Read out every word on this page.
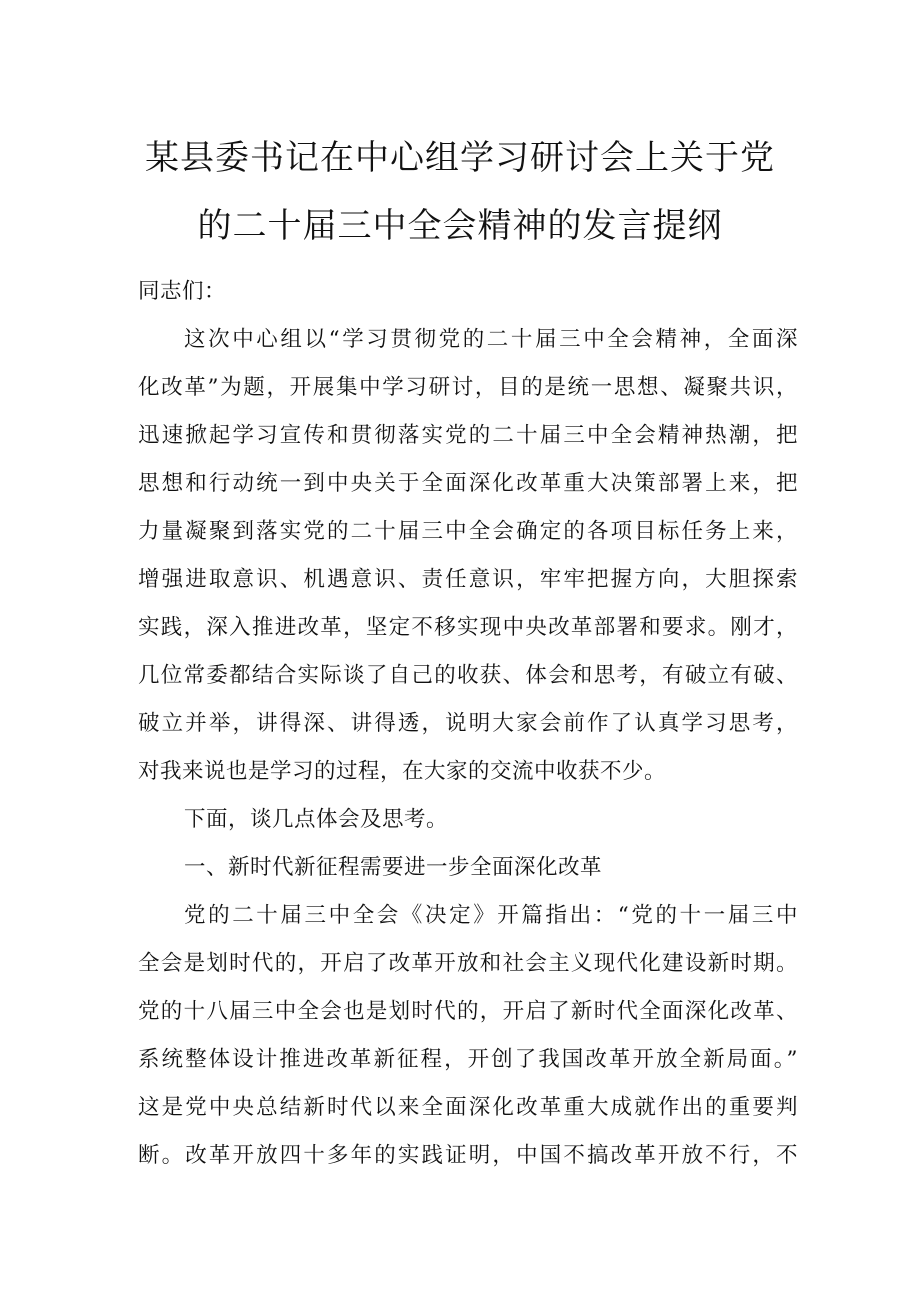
某县委书记在中心组学习研讨会上关于党
的二十届三中全会精神的发言提纲
同志们：
这次中心组以“学习贯彻党的二十届三中全会精神，全面深
化改革”为题，开展集中学习研讨，目的是统一思想、凝聚共识，
迅速掀起学习宣传和贯彻落实党的二十届三中全会精神热潮，把
思想和行动统一到中央关于全面深化改革重大决策部署上来，把
力量凝聚到落实党的二十届三中全会确定的各项目标任务上来，
增强进取意识、机遇意识、责任意识，牢牢把握方向，大胆探索
实践，深入推进改革，坚定不移实现中央改革部署和要求。刚才，
几位常委都结合实际谈了自己的收获、体会和思考，有破立有破、
破立并举，讲得深、讲得透，说明大家会前作了认真学习思考，
对我来说也是学习的过程，在大家的交流中收获不少。
下面，谈几点体会及思考。
一、新时代新征程需要进一步全面深化改革
党的二十届三中全会《决定》开篇指出：“党的十一届三中
全会是划时代的，开启了改革开放和社会主义现代化建设新时期。
党的十八届三中全会也是划时代的，开启了新时代全面深化改革、
系统整体设计推进改革新征程，开创了我国改革开放全新局面。”
这是党中央总结新时代以来全面深化改革重大成就作出的重要判
断。改革开放四十多年的实践证明，中国不搞改革开放不行，不
